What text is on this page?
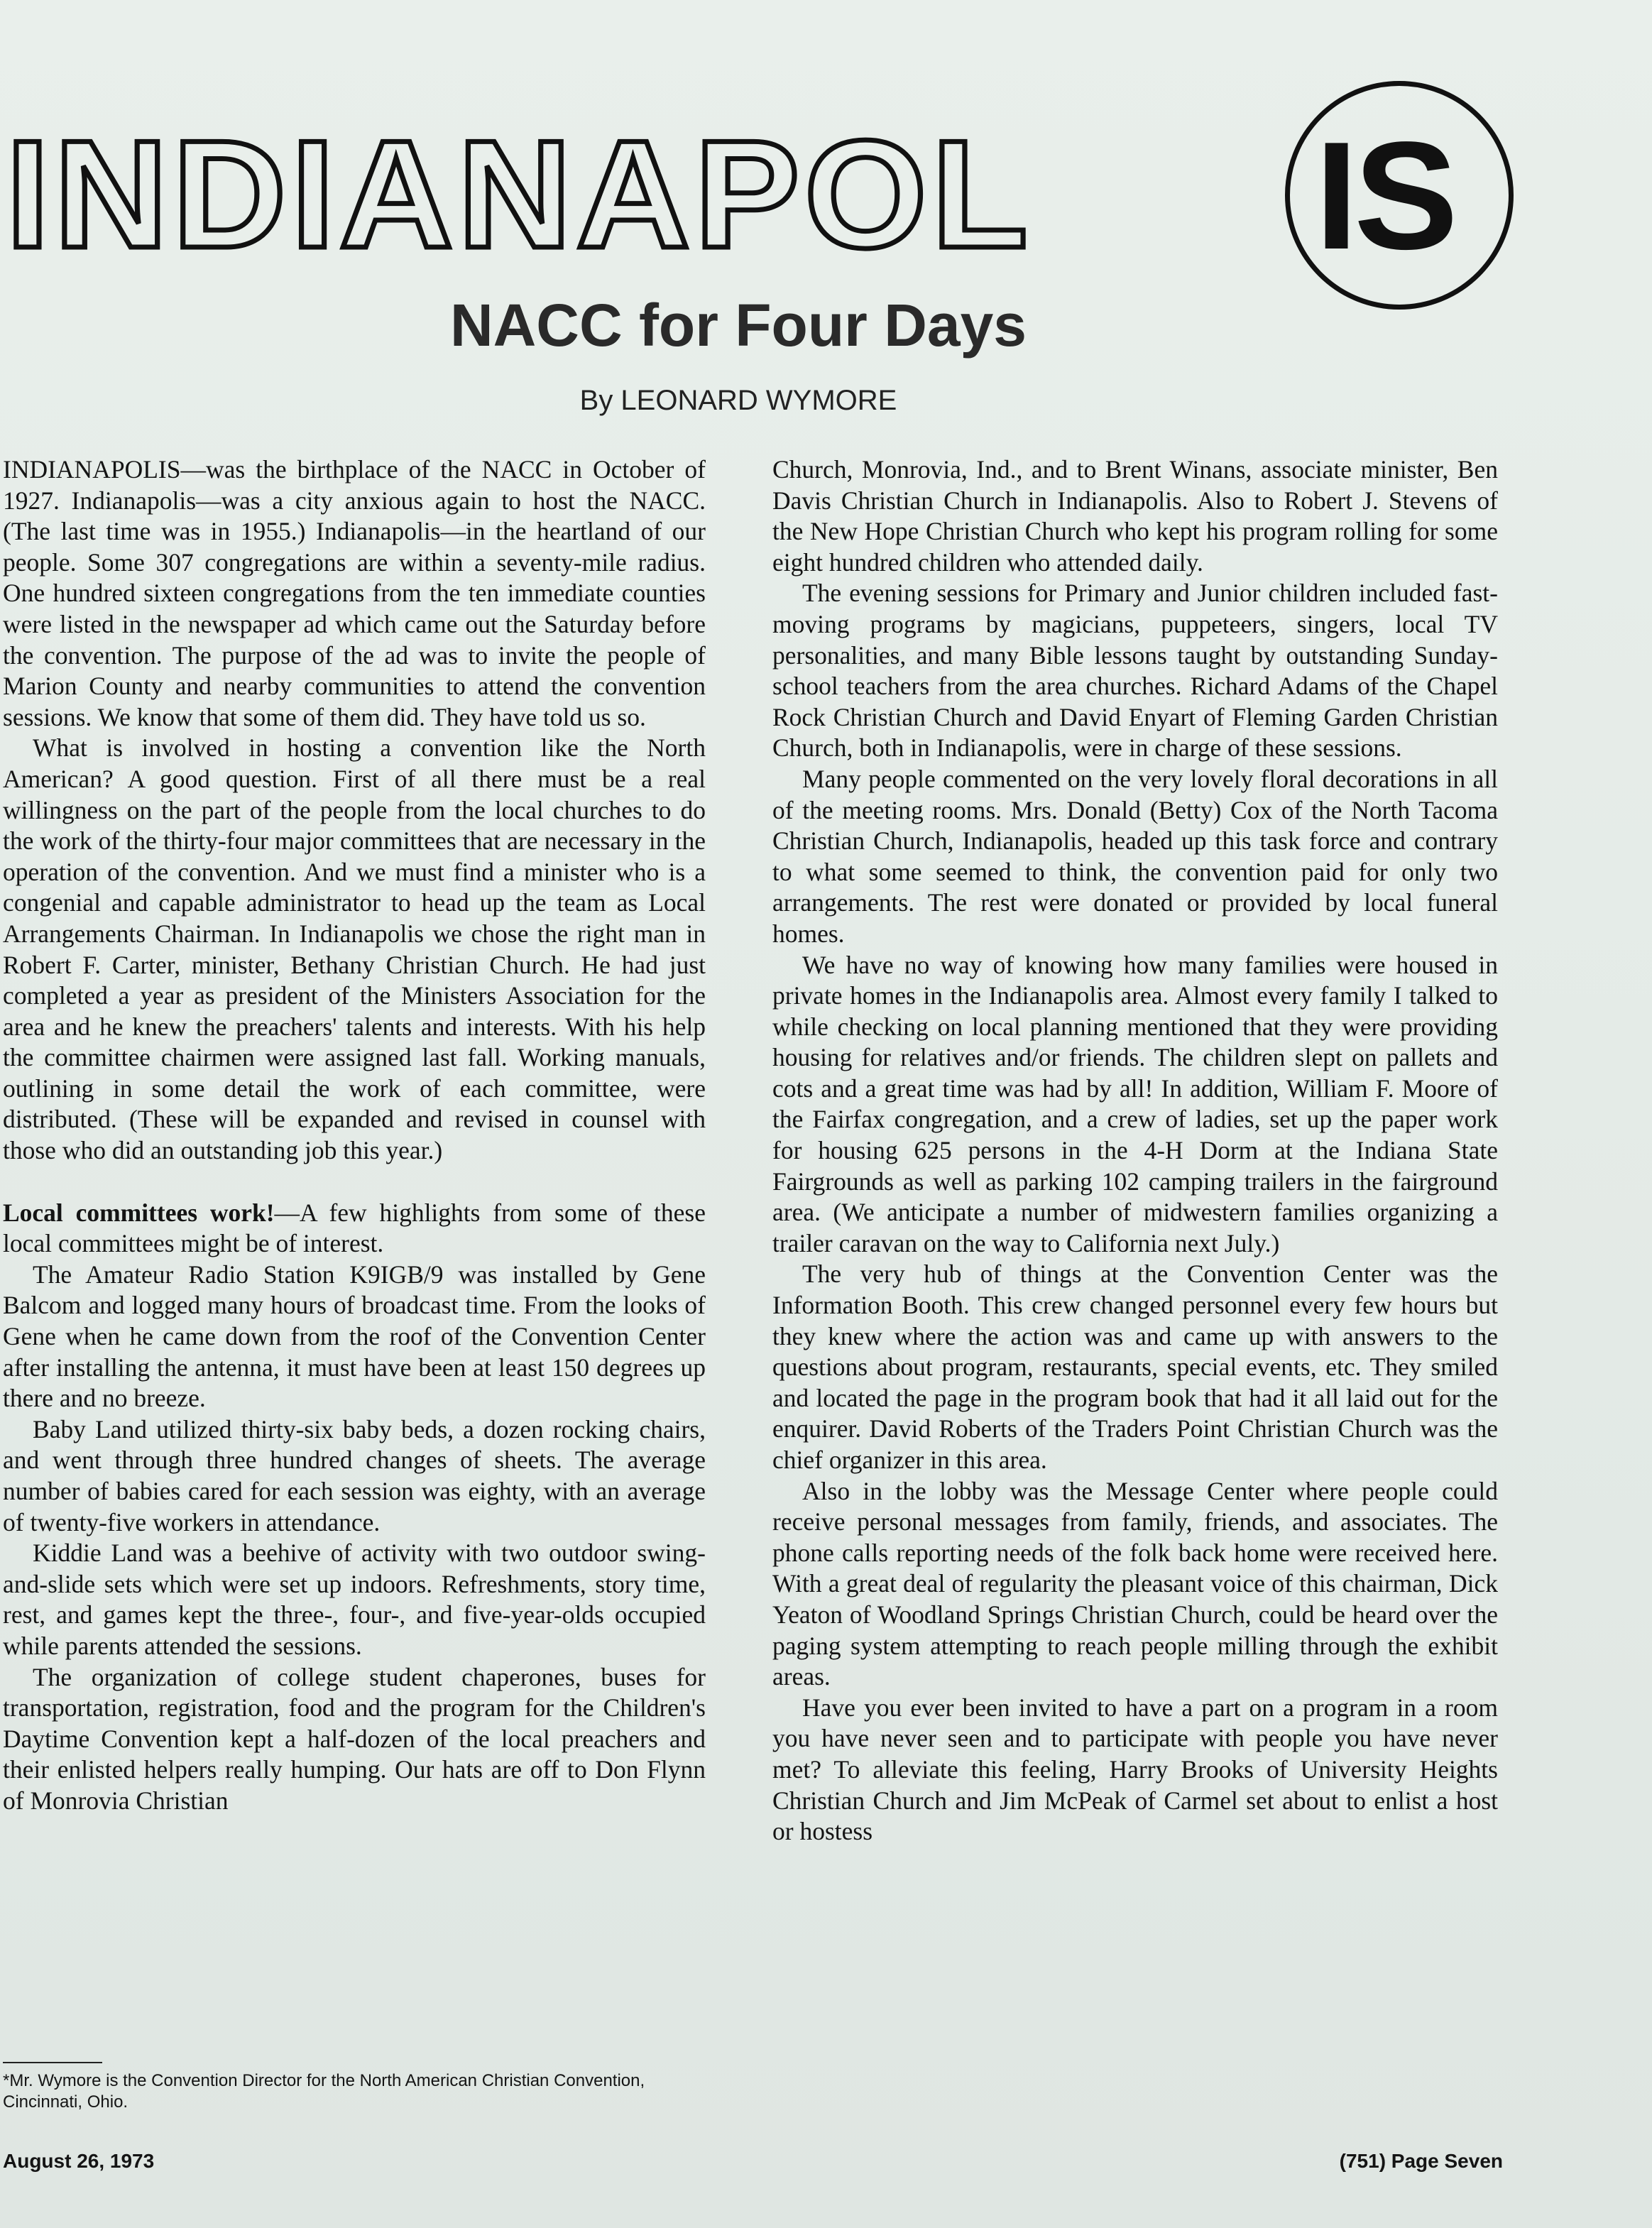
INDIANAPOL	IS
NACC for Four Days
By LEONARD WYMORE

INDIANAPOLIS—was the birthplace of the NACC in October of 1927. Indianapolis—was a city anxious again to host the NACC. (The last time was in 1955.) Indianapolis—in the heartland of our people. Some 307 congregations are within a seventy-mile radius. One hundred sixteen congregations from the ten immediate counties were listed in the newspaper ad which came out the Saturday before the convention. The purpose of the ad was to invite the people of Marion County and nearby communities to attend the convention sessions. We know that some of them did. They have told us so.

What is involved in hosting a convention like the North American? A good question. First of all there must be a real willingness on the part of the people from the local churches to do the work of the thirty-four major committees that are necessary in the operation of the convention. And we must find a minister who is a congenial and capable administrator to head up the team as Local Arrangements Chairman. In Indianapolis we chose the right man in Robert F. Carter, minister, Bethany Christian Church. He had just completed a year as president of the Ministers Association for the area and he knew the preachers' talents and interests. With his help the committee chairmen were assigned last fall. Working manuals, outlining in some detail the work of each committee, were distributed. (These will be expanded and revised in counsel with those who did an outstanding job this year.)

Local committees work!—A few highlights from some of these local committees might be of interest.

The Amateur Radio Station K9IGB/9 was installed by Gene Balcom and logged many hours of broadcast time. From the looks of Gene when he came down from the roof of the Convention Center after installing the antenna, it must have been at least 150 degrees up there and no breeze.

Baby Land utilized thirty-six baby beds, a dozen rocking chairs, and went through three hundred changes of sheets. The average number of babies cared for each session was eighty, with an average of twenty-five workers in attendance.

Kiddie Land was a beehive of activity with two outdoor swing-and-slide sets which were set up indoors. Refreshments, story time, rest, and games kept the three-, four-, and five-year-olds occupied while parents attended the sessions.

The organization of college student chaperones, buses for transportation, registration, food and the program for the Children's Daytime Convention kept a half-dozen of the local preachers and their enlisted helpers really humping. Our hats are off to Don Flynn of Monrovia Christian

Church, Monrovia, Ind., and to Brent Winans, associate minister, Ben Davis Christian Church in Indianapolis. Also to Robert J. Stevens of the New Hope Christian Church who kept his program rolling for some eight hundred children who attended daily.

The evening sessions for Primary and Junior children included fast-moving programs by magicians, puppeteers, singers, local TV personalities, and many Bible lessons taught by outstanding Sunday-school teachers from the area churches. Richard Adams of the Chapel Rock Christian Church and David Enyart of Fleming Garden Christian Church, both in Indianapolis, were in charge of these sessions.

Many people commented on the very lovely floral decorations in all of the meeting rooms. Mrs. Donald (Betty) Cox of the North Tacoma Christian Church, Indianapolis, headed up this task force and contrary to what some seemed to think, the convention paid for only two arrangements. The rest were donated or provided by local funeral homes.

We have no way of knowing how many families were housed in private homes in the Indianapolis area. Almost every family I talked to while checking on local planning mentioned that they were providing housing for relatives and/or friends. The children slept on pallets and cots and a great time was had by all! In addition, William F. Moore of the Fairfax congregation, and a crew of ladies, set up the paper work for housing 625 persons in the 4-H Dorm at the Indiana State Fairgrounds as well as parking 102 camping trailers in the fairground area. (We anticipate a number of midwestern families organizing a trailer caravan on the way to California next July.)

The very hub of things at the Convention Center was the Information Booth. This crew changed personnel every few hours but they knew where the action was and came up with answers to the questions about program, restaurants, special events, etc. They smiled and located the page in the program book that had it all laid out for the enquirer. David Roberts of the Traders Point Christian Church was the chief organizer in this area.

Also in the lobby was the Message Center where people could receive personal messages from family, friends, and associates. The phone calls reporting needs of the folk back home were received here. With a great deal of regularity the pleasant voice of this chairman, Dick Yeaton of Woodland Springs Christian Church, could be heard over the paging system attempting to reach people milling through the exhibit areas.

Have you ever been invited to have a part on a program in a room you have never seen and to participate with people you have never met? To alleviate this feeling, Harry Brooks of University Heights Christian Church and Jim McPeak of Carmel set about to enlist a host or hostess

*Mr. Wymore is the Convention Director for the North American Christian Convention, Cincinnati, Ohio.
August 26, 1973	(751) Page Seven
